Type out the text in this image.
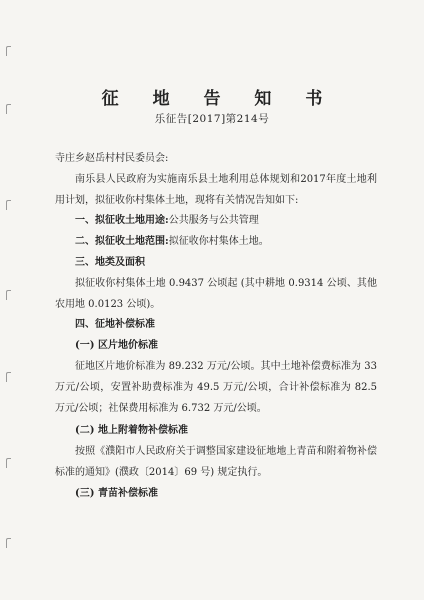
征 地 告 知 书
乐征告[2017]第214号

寺庄乡赵岳村村民委员会:

南乐县人民政府为实施南乐县土地利用总体规划和2017年度土地利用计划，拟征收你村集体土地，现将有关情况告知如下:

一、拟征收土地用途:公共服务与公共管理

二、拟征收土地范围:拟征收你村集体土地。

三、地类及面积

拟征收你村集体土地 0.9437 公顷起 (其中耕地 0.9314 公顷、其他农用地 0.0123 公顷)。

四、征地补偿标准

(一) 区片地价标准

征地区片地价标准为 89.232 万元/公顷。其中土地补偿费标准为 33 万元/公顷，安置补助费标准为 49.5 万元/公顷，合计补偿标准为 82.5 万元/公顷；社保费用标准为 6.732 万元/公顷。

(二) 地上附着物补偿标准

按照《濮阳市人民政府关于调整国家建设征地地上青苗和附着物补偿标准的通知》(濮政〔2014〕69 号) 规定执行。

(三) 青苗补偿标准
